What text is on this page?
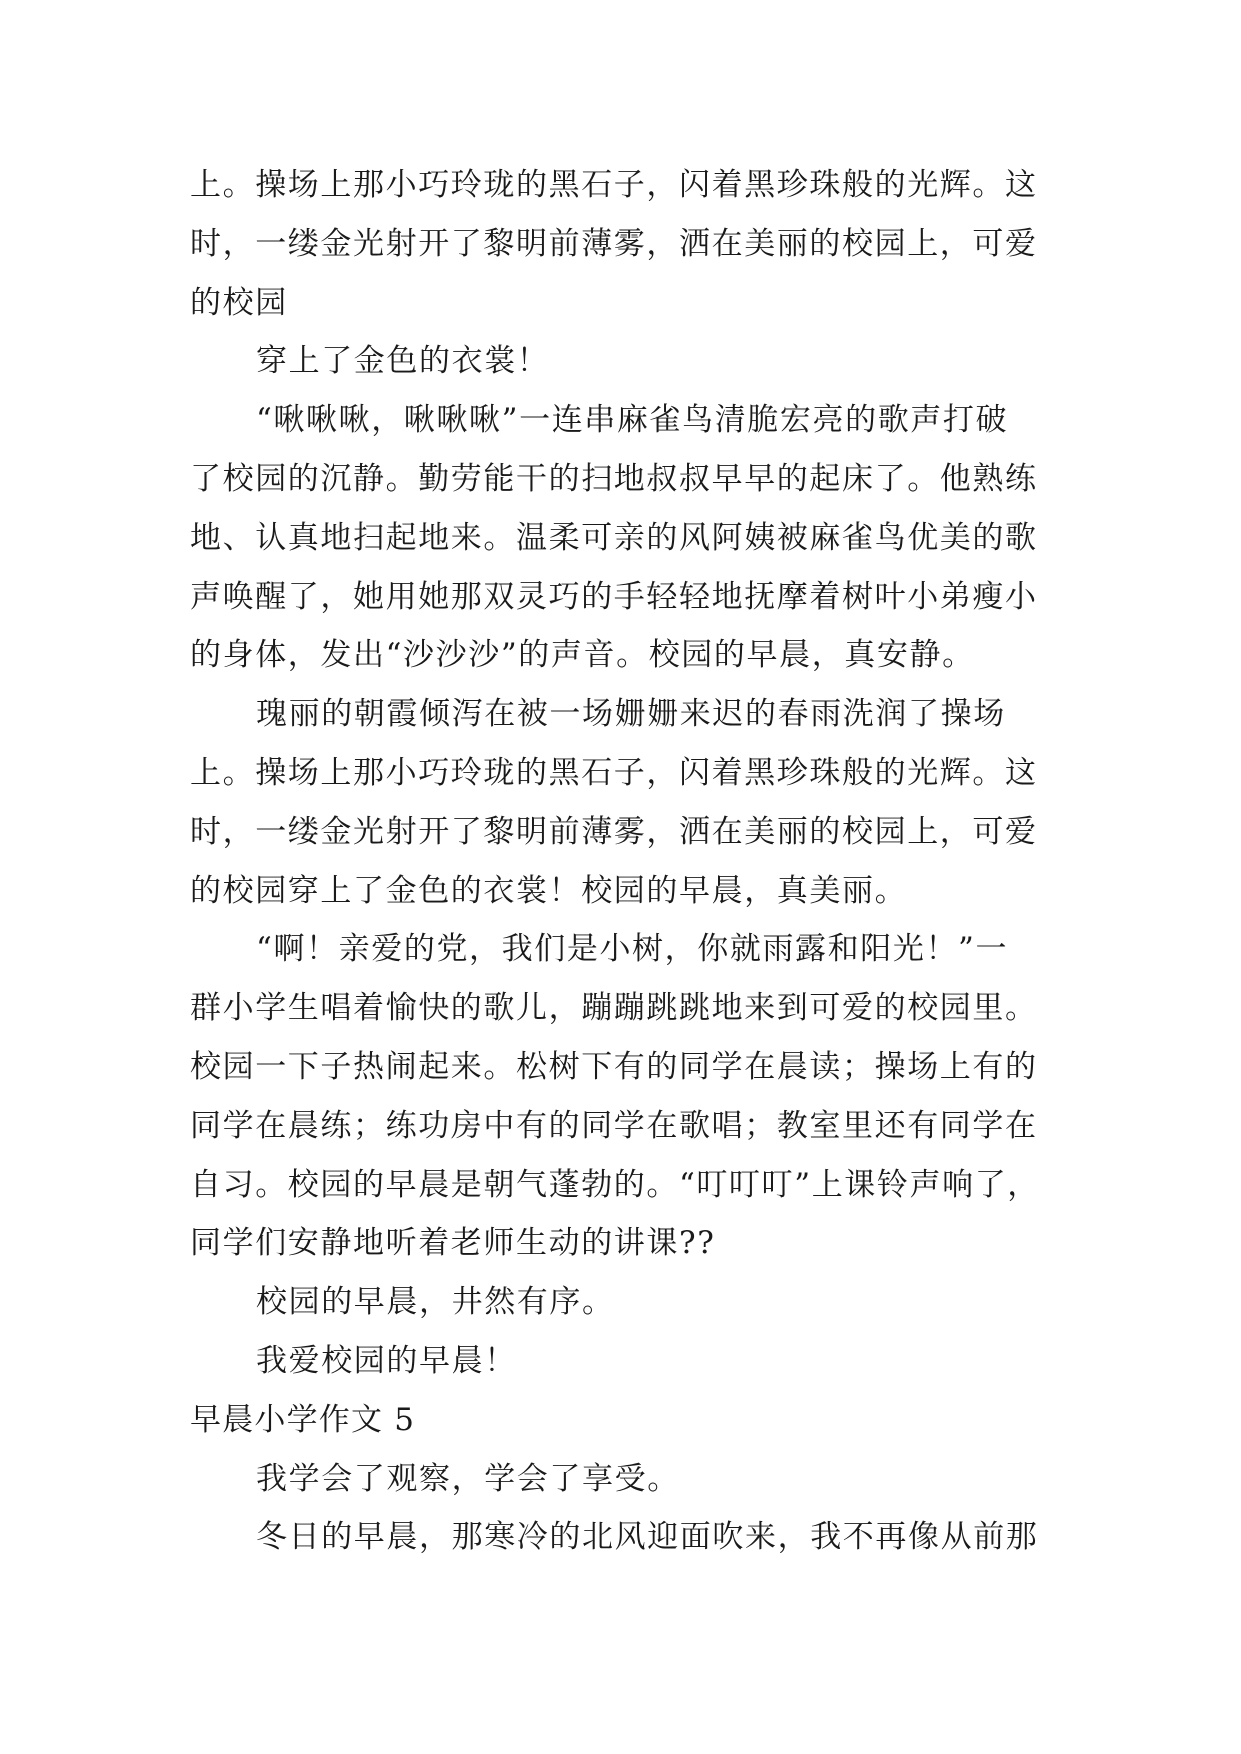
上。操场上那小巧玲珑的黑石子，闪着黑珍珠般的光辉。这
时，一缕金光射开了黎明前薄雾，洒在美丽的校园上，可爱
的校园
穿上了金色的衣裳！
“啾啾啾，啾啾啾”一连串麻雀鸟清脆宏亮的歌声打破
了校园的沉静。勤劳能干的扫地叔叔早早的起床了。他熟练
地、认真地扫起地来。温柔可亲的风阿姨被麻雀鸟优美的歌
声唤醒了，她用她那双灵巧的手轻轻地抚摩着树叶小弟瘦小
的身体，发出“沙沙沙”的声音。校园的早晨，真安静。
瑰丽的朝霞倾泻在被一场姗姗来迟的春雨洗润了操场
上。操场上那小巧玲珑的黑石子，闪着黑珍珠般的光辉。这
时，一缕金光射开了黎明前薄雾，洒在美丽的校园上，可爱
的校园穿上了金色的衣裳！校园的早晨，真美丽。
“啊！亲爱的党，我们是小树，你就雨露和阳光！”一
群小学生唱着愉快的歌儿，蹦蹦跳跳地来到可爱的校园里。
校园一下子热闹起来。松树下有的同学在晨读；操场上有的
同学在晨练；练功房中有的同学在歌唱；教室里还有同学在
自习。校园的早晨是朝气蓬勃的。“叮叮叮”上课铃声响了，
同学们安静地听着老师生动的讲课??
校园的早晨，井然有序。
我爱校园的早晨！
早晨小学作文 5
我学会了观察，学会了享受。
冬日的早晨，那寒冷的北风迎面吹来，我不再像从前那
